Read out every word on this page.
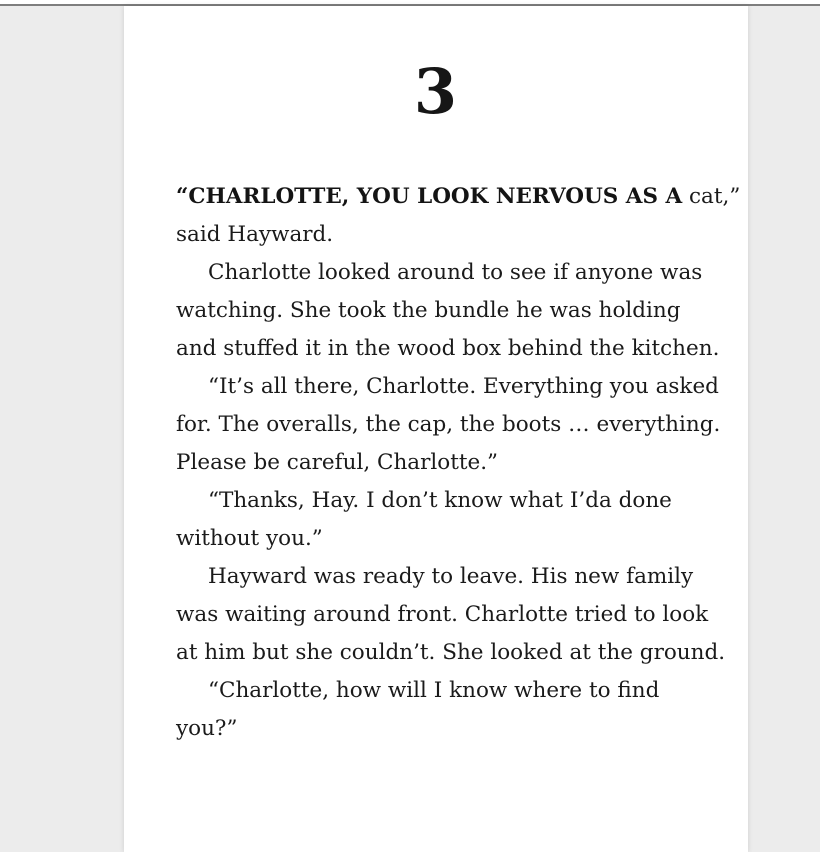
3
“CHARLOTTE, YOU LOOK NERVOUS AS A cat,”
said Hayward.
Charlotte looked around to see if anyone was
watching. She took the bundle he was holding
and stuffed it in the wood box behind the kitchen.
“It’s all there, Charlotte. Everything you asked
for. The overalls, the cap, the boots … everything.
Please be careful, Charlotte.”
“Thanks, Hay. I don’t know what I’da done
without you.”
Hayward was ready to leave. His new family
was waiting around front. Charlotte tried to look
at him but she couldn’t. She looked at the ground.
“Charlotte, how will I know where to find
you?”
